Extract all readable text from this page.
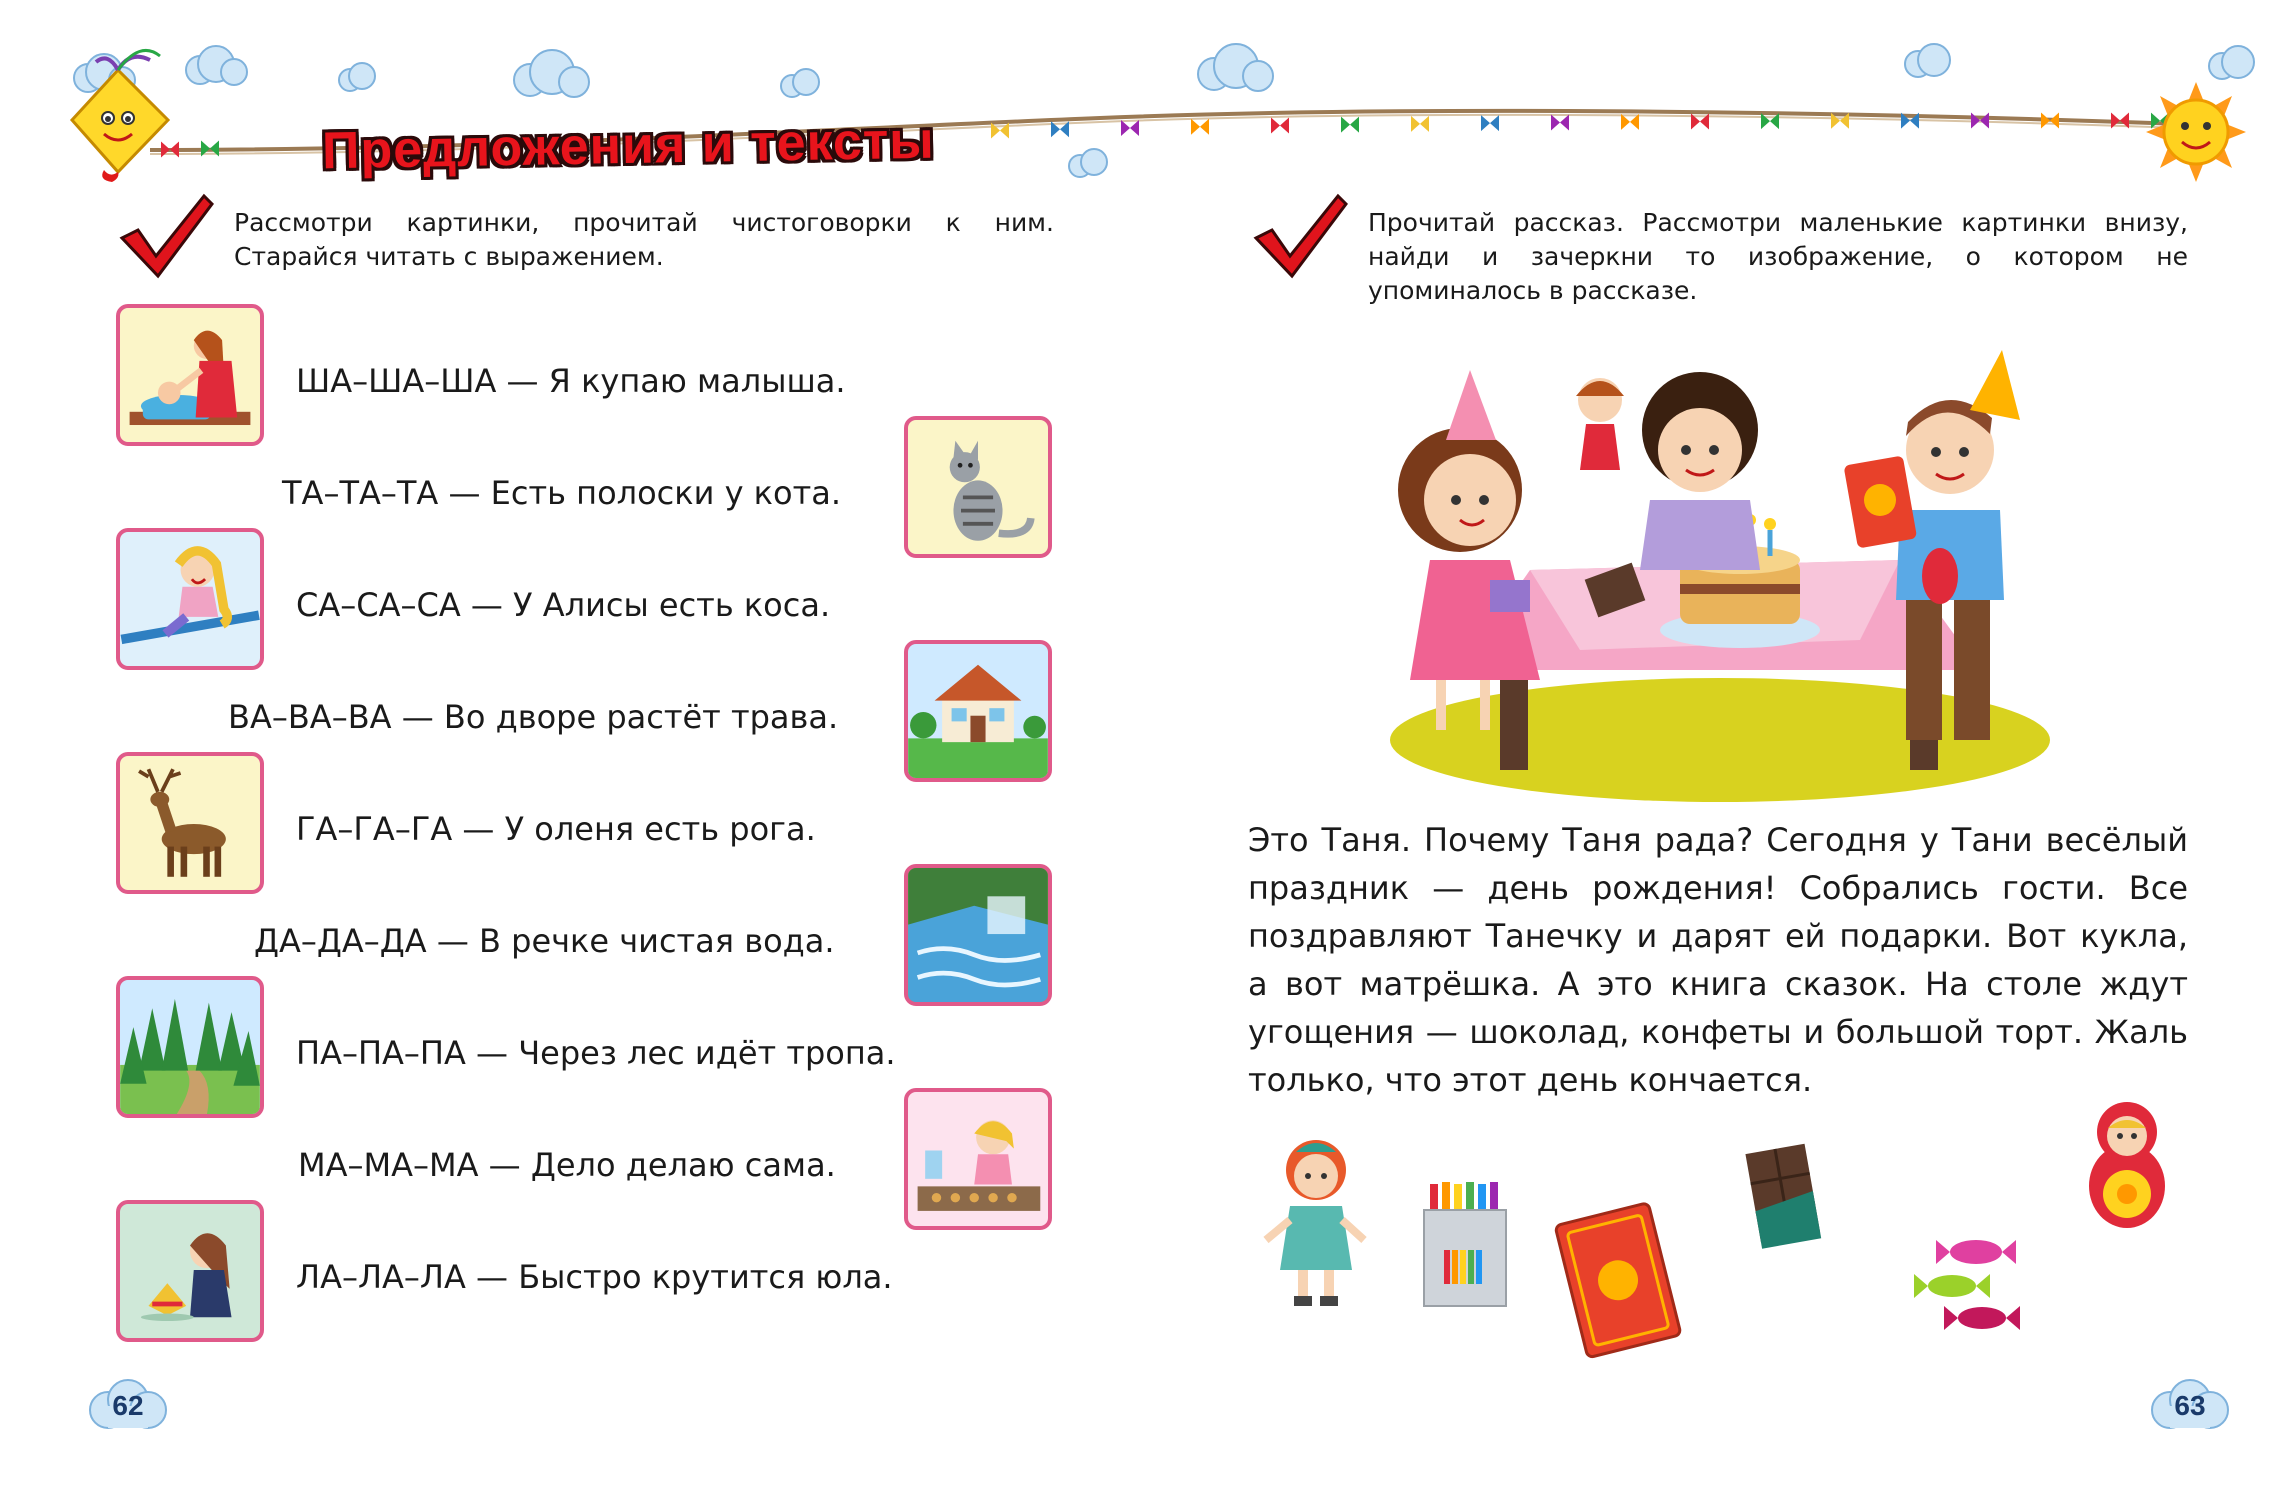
Предложения и тексты
Рассмотри картинки, прочитай чистоговорки к ним. Старайся читать с выражением.
Прочитай рассказ. Рассмотри маленькие картинки внизу, найди и зачеркни то изображение, о котором не упоминалось в рассказе.
ША–ША–ША — Я купаю малыша.
ТА–ТА–ТА — Есть полоски у кота.
СА–СА–СА — У Алисы есть коса.
ВА–ВА–ВА — Во дворе растёт трава.
ГА–ГА–ГА — У оленя есть рога.
ДА–ДА–ДА — В речке чистая вода.
ПА–ПА–ПА — Через лес идёт тропа.
МА–МА–МА — Дело делаю сама.
ЛА–ЛА–ЛА — Быстро крутится юла.
Это Таня. Почему Таня рада? Сегодня у Тани весёлый праздник — день рождения! Собрались гости. Все поздравляют Танечку и дарят ей подарки. Вот кукла, а вот матрёшка. А это книга сказок. На столе ждут угощения — шоколад, конфеты и большой торт. Жаль только, что этот день кончается.
62	63
